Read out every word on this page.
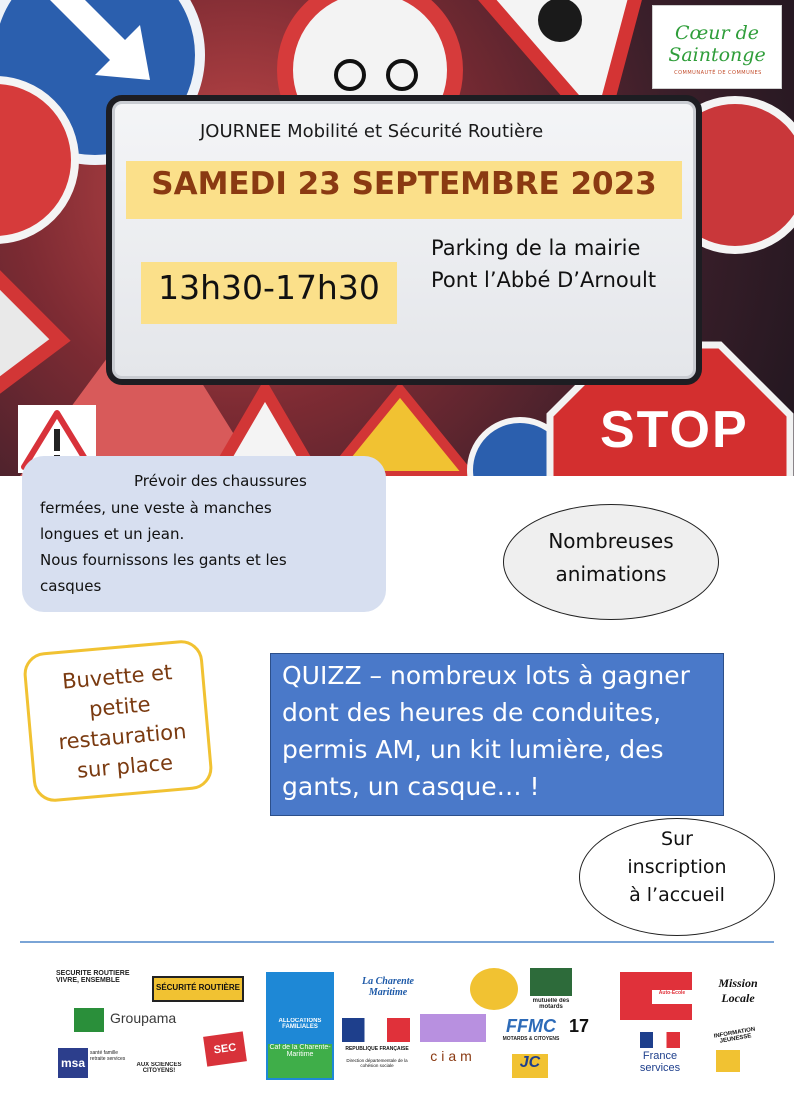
STOP
JOURNEE Mobilité et Sécurité Routière
SAMEDI 23 SEPTEMBRE 2023
13h30-17h30
Parking de la mairie
Pont l’Abbé D’Arnoult
Cœur de Saintonge
COMMUNAUTÉ DE COMMUNES
Prévoir des chaussures
fermées, une veste à manches
longues et un jean.
Nous fournissons les gants et les
casques
Nombreuses
animations
Buvette et
petite
restauration
sur place
QUIZZ – nombreux lots à gagner
dont des heures de conduites,
permis AM, un kit lumière, des
gants, un casque… !
Sur
inscription
à l’accueil
SÉCURITÉ ROUTIÈRE VIVRE, ENSEMBLE
SÉCURITÉ ROUTIÈRE
Groupama
msa
santé famille retraite services
AUX SCIENCES CITOYENS!
SEC
ALLOCATIONS FAMILIALES
Caf de la Charente-Maritime
La Charente Maritime
RÉPUBLIQUE FRANÇAISE
Direction départementale de la cohésion sociale
ciam
mutuelle des motards
FFMC
MOTARDS & CITOYENS
17
JC
Auto-Ecole
France services
Mission Locale
INFORMATION JEUNESSE
